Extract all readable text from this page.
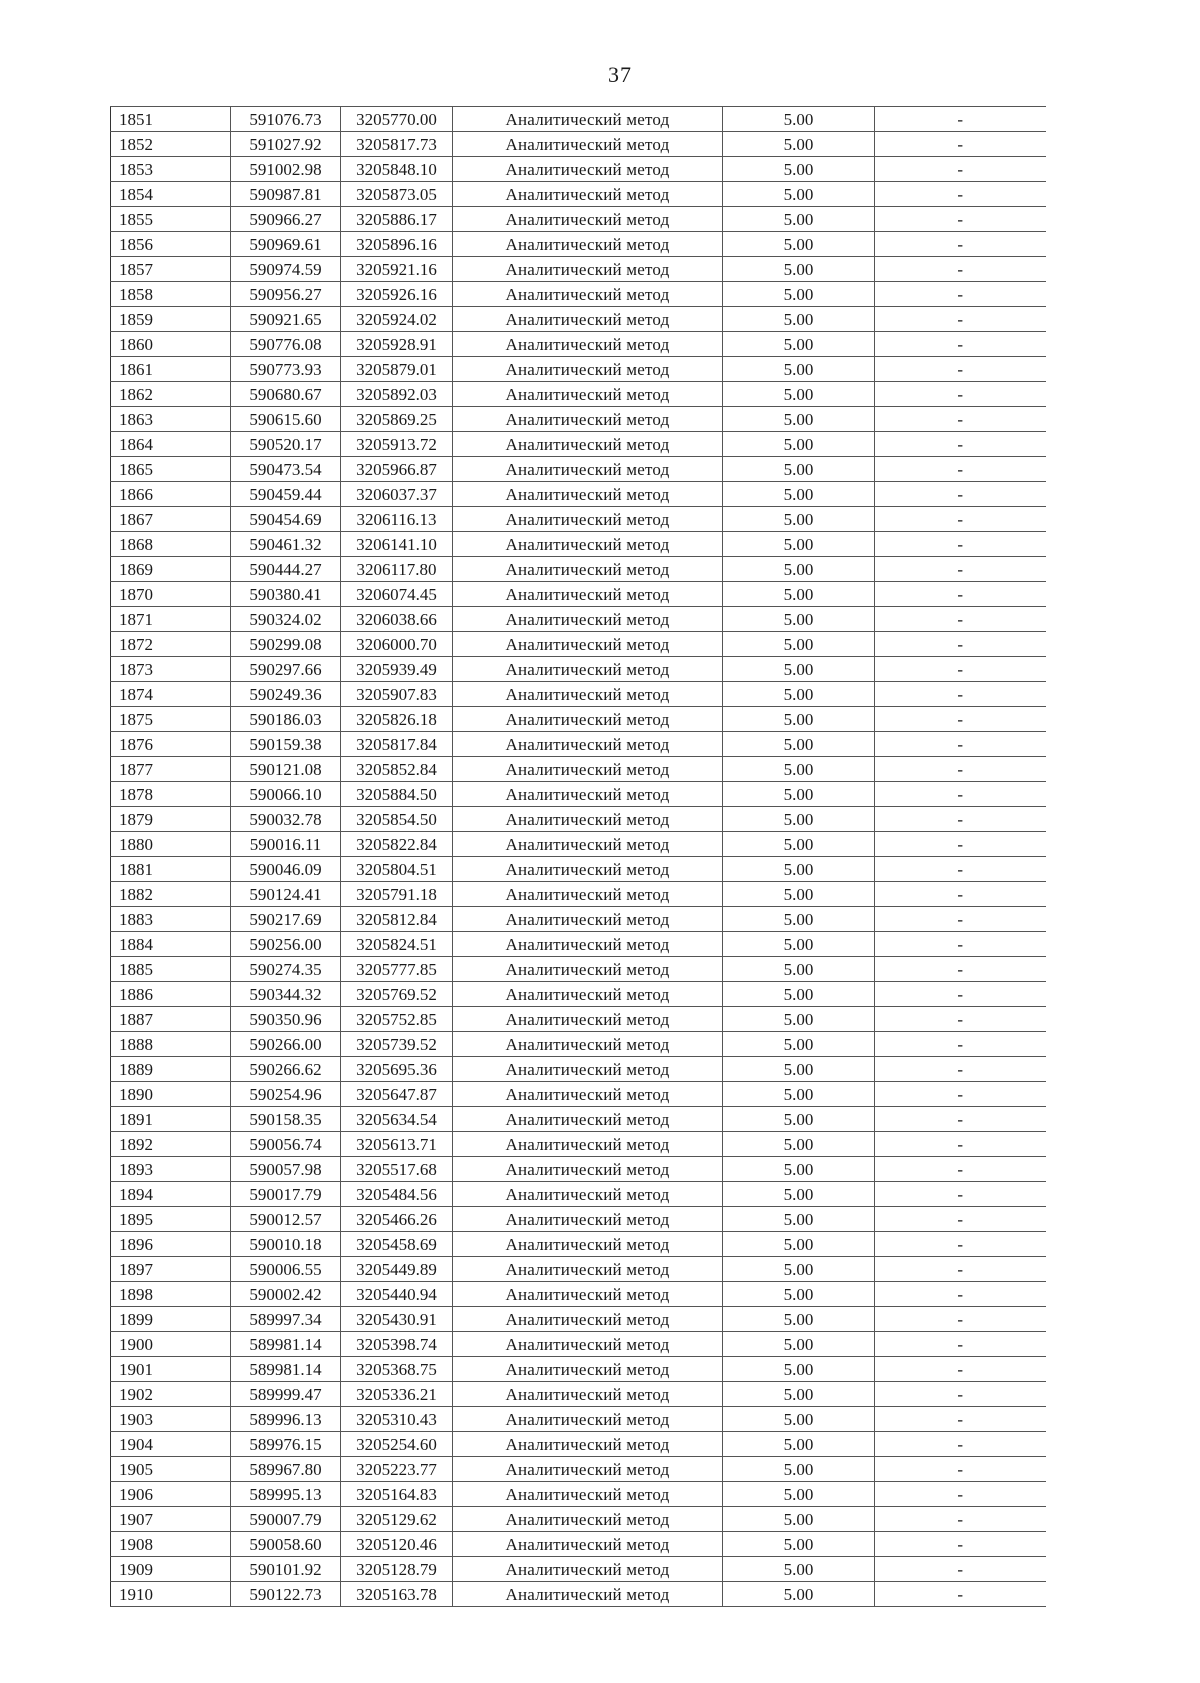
37
1851	591076.73	3205770.00	Аналитический метод	5.00	-
1852	591027.92	3205817.73	Аналитический метод	5.00	-
1853	591002.98	3205848.10	Аналитический метод	5.00	-
1854	590987.81	3205873.05	Аналитический метод	5.00	-
1855	590966.27	3205886.17	Аналитический метод	5.00	-
1856	590969.61	3205896.16	Аналитический метод	5.00	-
1857	590974.59	3205921.16	Аналитический метод	5.00	-
1858	590956.27	3205926.16	Аналитический метод	5.00	-
1859	590921.65	3205924.02	Аналитический метод	5.00	-
1860	590776.08	3205928.91	Аналитический метод	5.00	-
1861	590773.93	3205879.01	Аналитический метод	5.00	-
1862	590680.67	3205892.03	Аналитический метод	5.00	-
1863	590615.60	3205869.25	Аналитический метод	5.00	-
1864	590520.17	3205913.72	Аналитический метод	5.00	-
1865	590473.54	3205966.87	Аналитический метод	5.00	-
1866	590459.44	3206037.37	Аналитический метод	5.00	-
1867	590454.69	3206116.13	Аналитический метод	5.00	-
1868	590461.32	3206141.10	Аналитический метод	5.00	-
1869	590444.27	3206117.80	Аналитический метод	5.00	-
1870	590380.41	3206074.45	Аналитический метод	5.00	-
1871	590324.02	3206038.66	Аналитический метод	5.00	-
1872	590299.08	3206000.70	Аналитический метод	5.00	-
1873	590297.66	3205939.49	Аналитический метод	5.00	-
1874	590249.36	3205907.83	Аналитический метод	5.00	-
1875	590186.03	3205826.18	Аналитический метод	5.00	-
1876	590159.38	3205817.84	Аналитический метод	5.00	-
1877	590121.08	3205852.84	Аналитический метод	5.00	-
1878	590066.10	3205884.50	Аналитический метод	5.00	-
1879	590032.78	3205854.50	Аналитический метод	5.00	-
1880	590016.11	3205822.84	Аналитический метод	5.00	-
1881	590046.09	3205804.51	Аналитический метод	5.00	-
1882	590124.41	3205791.18	Аналитический метод	5.00	-
1883	590217.69	3205812.84	Аналитический метод	5.00	-
1884	590256.00	3205824.51	Аналитический метод	5.00	-
1885	590274.35	3205777.85	Аналитический метод	5.00	-
1886	590344.32	3205769.52	Аналитический метод	5.00	-
1887	590350.96	3205752.85	Аналитический метод	5.00	-
1888	590266.00	3205739.52	Аналитический метод	5.00	-
1889	590266.62	3205695.36	Аналитический метод	5.00	-
1890	590254.96	3205647.87	Аналитический метод	5.00	-
1891	590158.35	3205634.54	Аналитический метод	5.00	-
1892	590056.74	3205613.71	Аналитический метод	5.00	-
1893	590057.98	3205517.68	Аналитический метод	5.00	-
1894	590017.79	3205484.56	Аналитический метод	5.00	-
1895	590012.57	3205466.26	Аналитический метод	5.00	-
1896	590010.18	3205458.69	Аналитический метод	5.00	-
1897	590006.55	3205449.89	Аналитический метод	5.00	-
1898	590002.42	3205440.94	Аналитический метод	5.00	-
1899	589997.34	3205430.91	Аналитический метод	5.00	-
1900	589981.14	3205398.74	Аналитический метод	5.00	-
1901	589981.14	3205368.75	Аналитический метод	5.00	-
1902	589999.47	3205336.21	Аналитический метод	5.00	-
1903	589996.13	3205310.43	Аналитический метод	5.00	-
1904	589976.15	3205254.60	Аналитический метод	5.00	-
1905	589967.80	3205223.77	Аналитический метод	5.00	-
1906	589995.13	3205164.83	Аналитический метод	5.00	-
1907	590007.79	3205129.62	Аналитический метод	5.00	-
1908	590058.60	3205120.46	Аналитический метод	5.00	-
1909	590101.92	3205128.79	Аналитический метод	5.00	-
1910	590122.73	3205163.78	Аналитический метод	5.00	-
